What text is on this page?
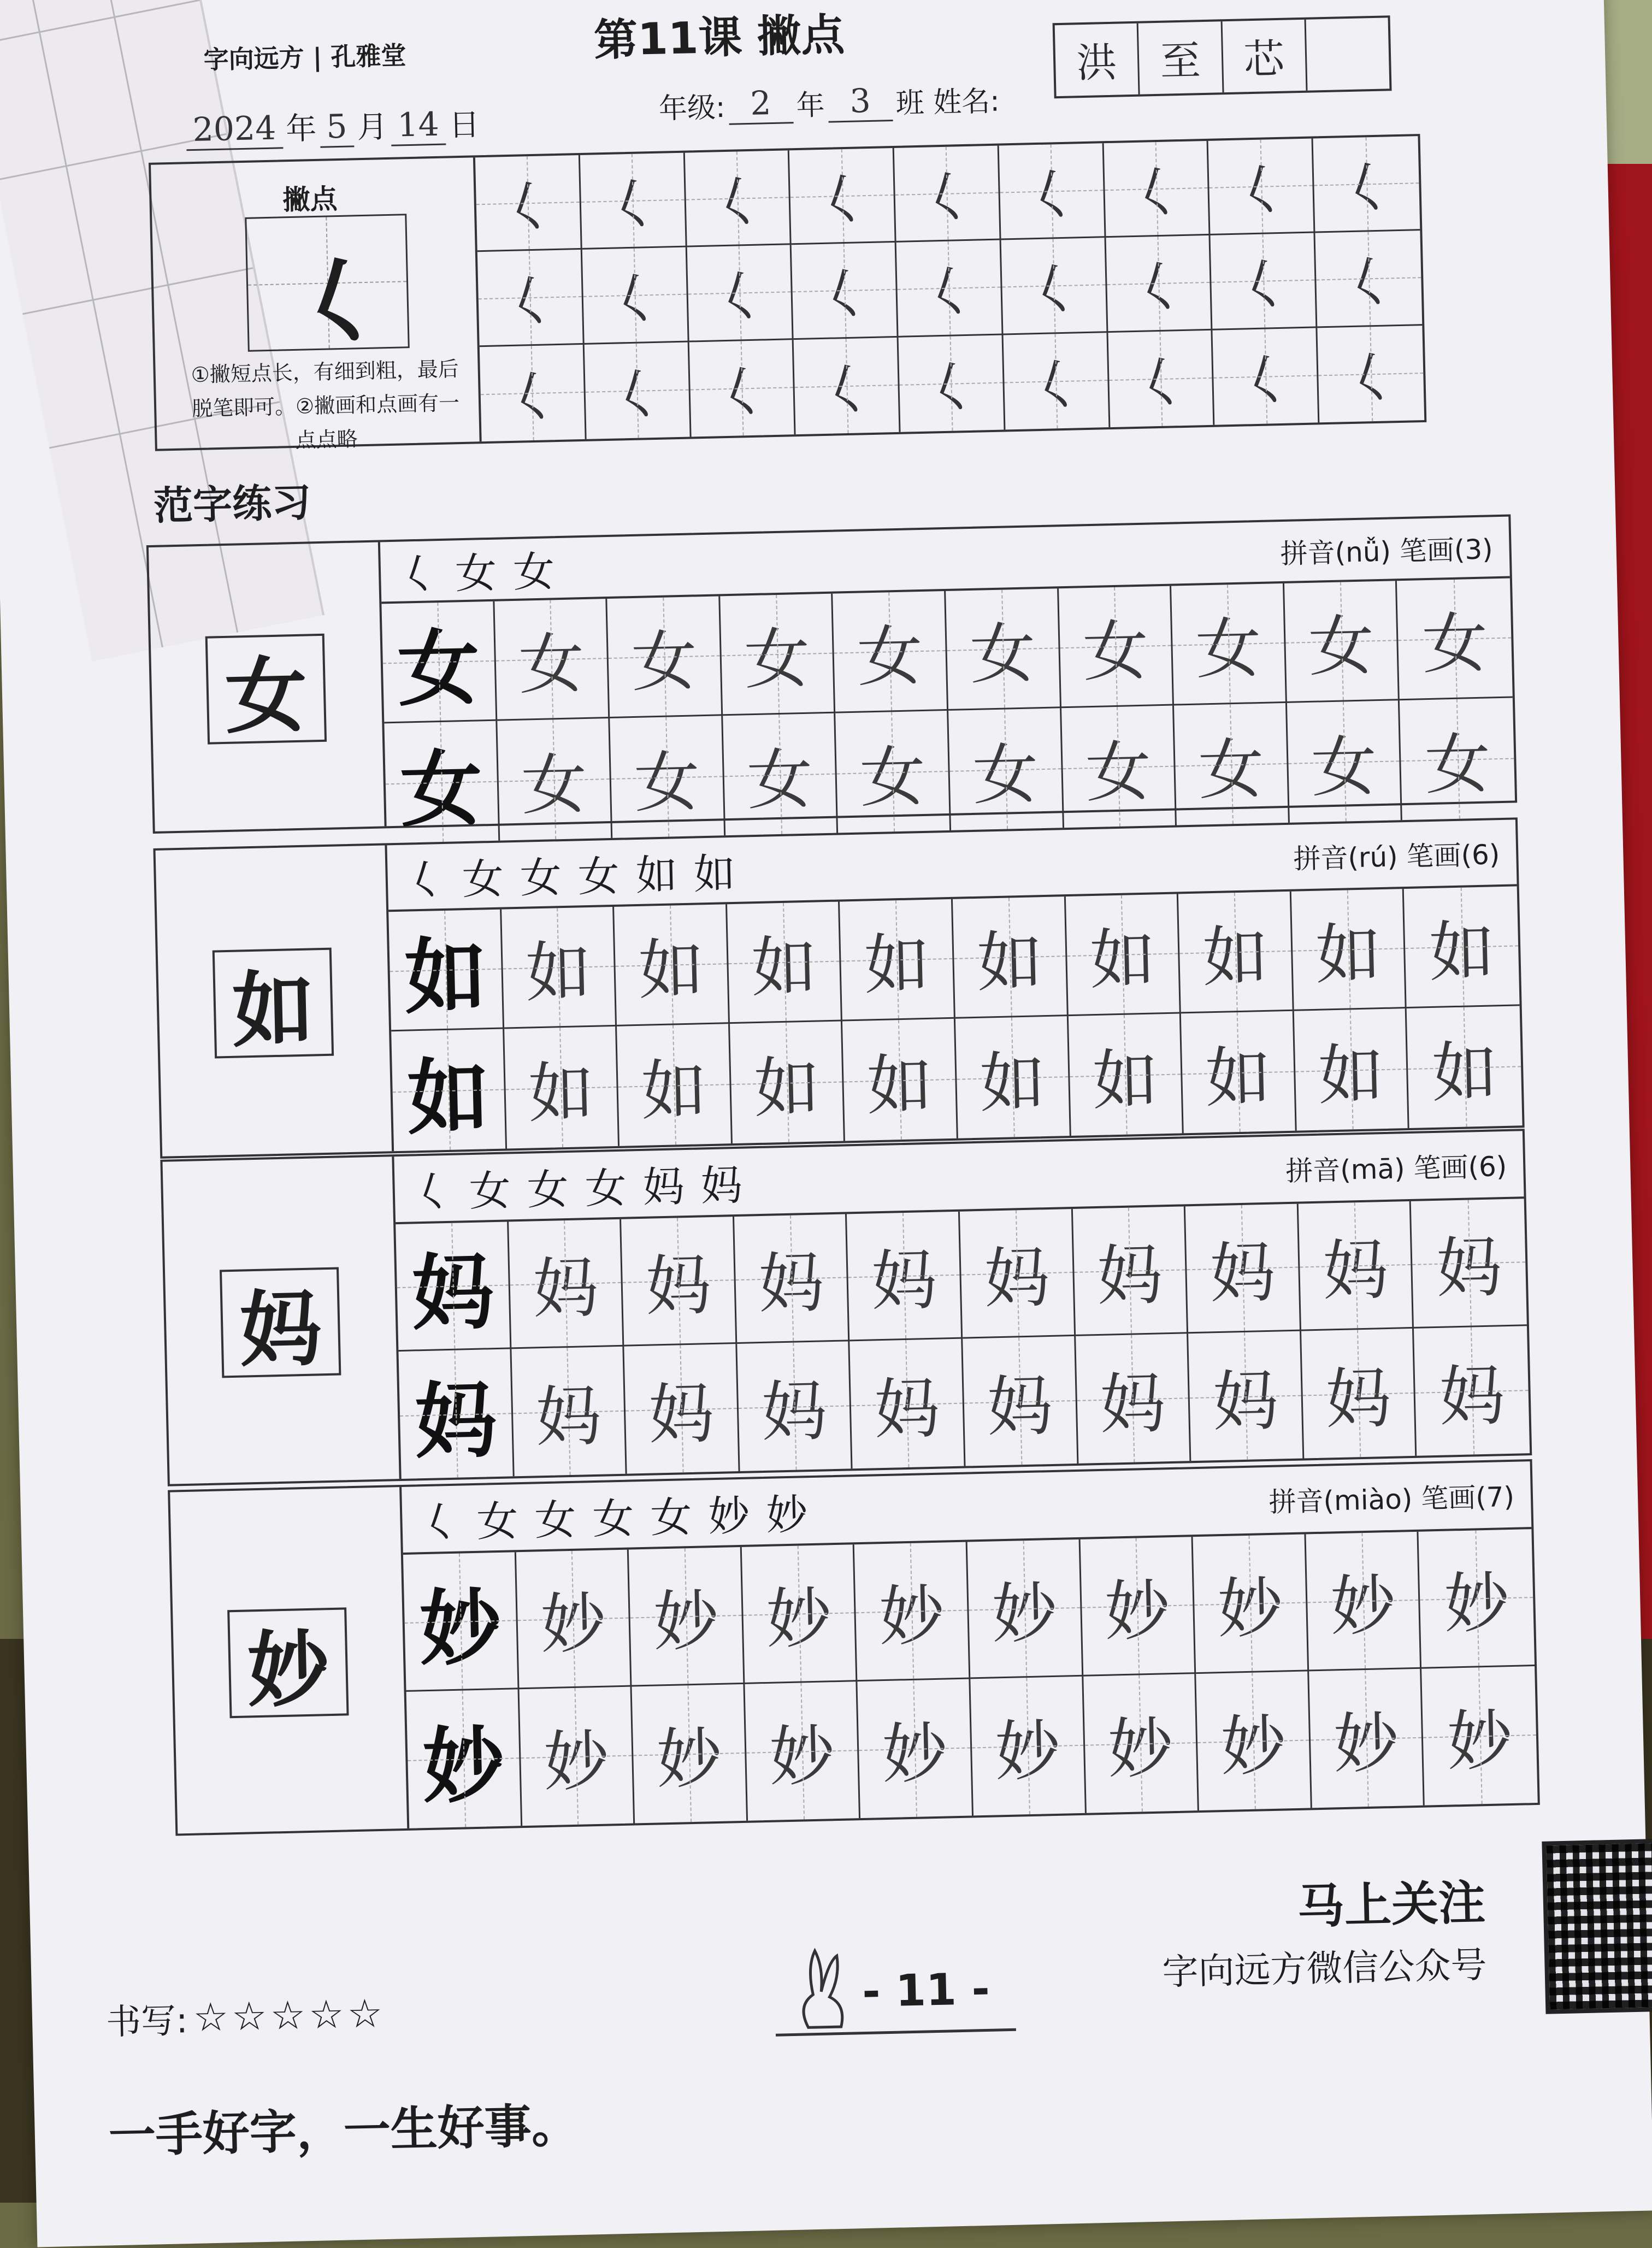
字向远方 | 孔雅堂	第11课 撇点	洪	至	芯
2024 年 5 月 14 日	年级: 2 年 3 班 姓名:
撇点
𡿨
①撇短点长，有细到粗，最后脱笔即可。②撇画和点画有一点点略
𡿨 𡿨 𡿨 𡿨 𡿨 𡿨 𡿨 𡿨 𡿨
𡿨 𡿨 𡿨 𡿨 𡿨 𡿨 𡿨 𡿨 𡿨
𡿨 𡿨 𡿨 𡿨 𡿨 𡿨 𡿨 𡿨 𡿨
范字练习
女
𡿨⼥女	拼音(nǚ) 笔画(3)
女 女 女 女 女 女 女 女 女 女
女 女 女 女 女 女 女 女 女 女
如
𡿨⼥女女如如	拼音(rú) 笔画(6)
如 如 如 如 如 如 如 如 如 如
如 如 如 如 如 如 如 如 如 如
妈
𡿨⼥女女妈妈	拼音(mā) 笔画(6)
妈 妈 妈 妈 妈 妈 妈 妈 妈 妈
妈 妈 妈 妈 妈 妈 妈 妈 妈 妈
妙
𡿨⼥女女女妙妙	拼音(miào) 笔画(7)
妙 妙 妙 妙 妙 妙 妙 妙 妙 妙
妙 妙 妙 妙 妙 妙 妙 妙 妙 妙
马上关注
字向远方微信公众号
- 11 -
书写: ☆☆☆☆☆
一手好字，一生好事。
